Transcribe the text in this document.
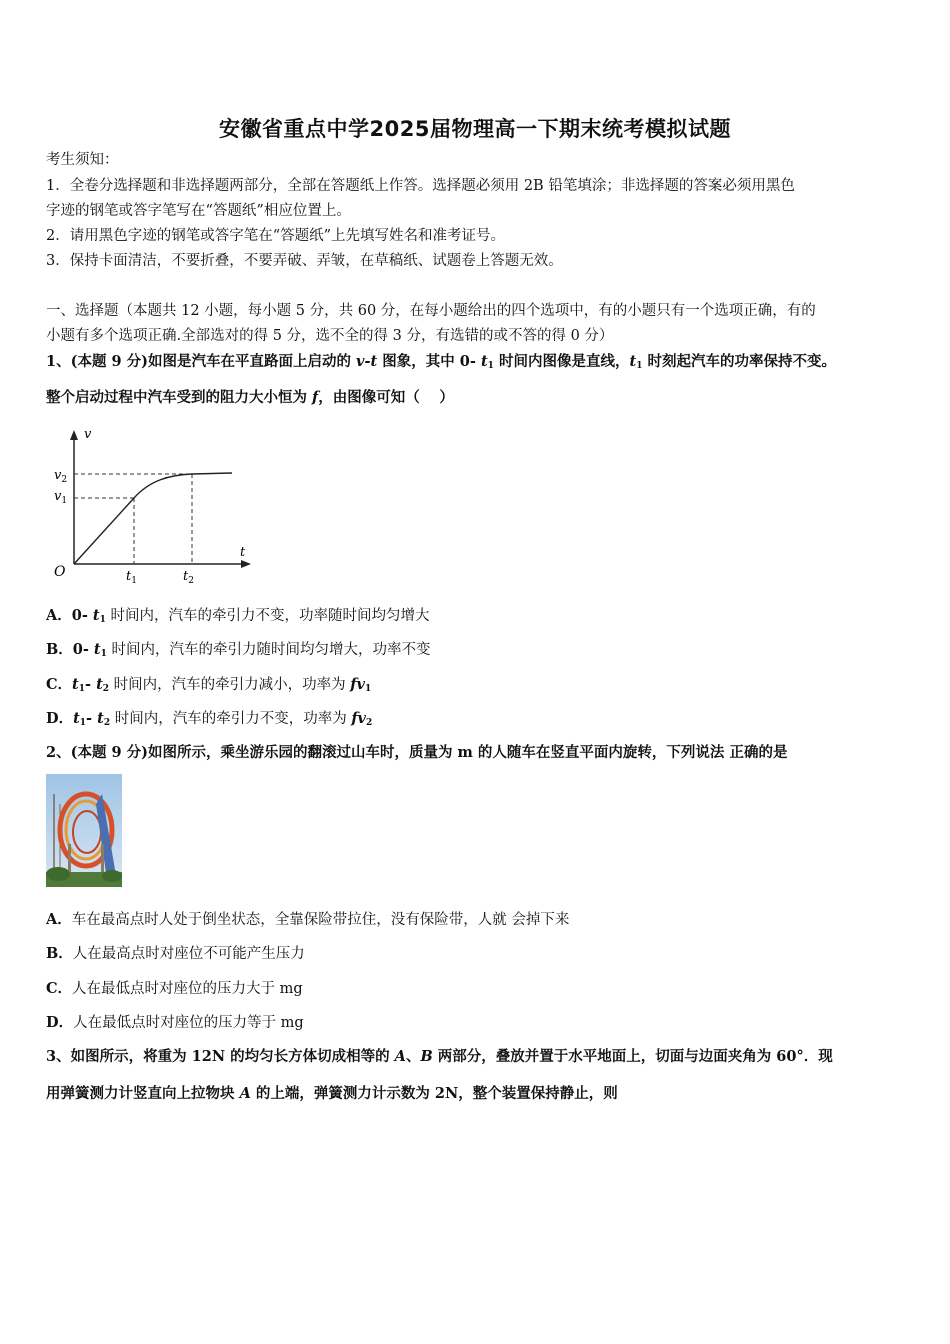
安徽省重点中学2025届物理高一下期末统考模拟试题
考生须知：
1．全卷分选择题和非选择题两部分，全部在答题纸上作答。选择题必须用 2B 铅笔填涂；非选择题的答案必须用黑色
字迹的钢笔或答字笔写在“答题纸”相应位置上。
2．请用黑色字迹的钢笔或答字笔在“答题纸”上先填写姓名和准考证号。
3．保持卡面清洁，不要折叠，不要弄破、弄皱，在草稿纸、试题卷上答题无效。
一、选择题（本题共 12 小题，每小题 5 分，共 60 分，在每小题给出的四个选项中，有的小题只有一个选项正确，有的
小题有多个选项正确.全部选对的得 5 分，选不全的得 3 分，有选错的或不答的得 0 分）
1、(本题 9 分)如图是汽车在平直路面上启动的 v-t 图象，其中 0- $t_1$ 时间内图像是直线，$t_1$ 时刻起汽车的功率保持不变。
整个启动过程中汽车受到的阻力大小恒为 f，由图像可知（　 ）
v
t
O
$v_2$
$v_1$
$t_1$	$t_2$
A．0- $t_1$ 时间内，汽车的牵引力不变，功率随时间均匀增大
B．0- $t_1$ 时间内，汽车的牵引力随时间均匀增大，功率不变
C．$t_1-$ $t_2$ 时间内，汽车的牵引力减小，功率为 $fv_1$
D．$t_1-$ $t_2$ 时间内，汽车的牵引力不变，功率为 $fv_2$
2、(本题 9 分)如图所示，乘坐游乐园的翻滚过山车时，质量为 m 的人随车在竖直平面内旋转，下列说法 正确的是
A．车在最高点时人处于倒坐状态，全靠保险带拉住，没有保险带，人就 会掉下来
B．人在最高点时对座位不可能产生压力
C．人在最低点时对座位的压力大于 mg
D．人在最低点时对座位的压力等于 mg
3、如图所示，将重为 12N 的均匀长方体切成相等的 A、B 两部分，叠放并置于水平地面上，切面与边面夹角为 60°．现
用弹簧测力计竖直向上拉物块 A 的上端，弹簧测力计示数为 2N，整个装置保持静止，则
